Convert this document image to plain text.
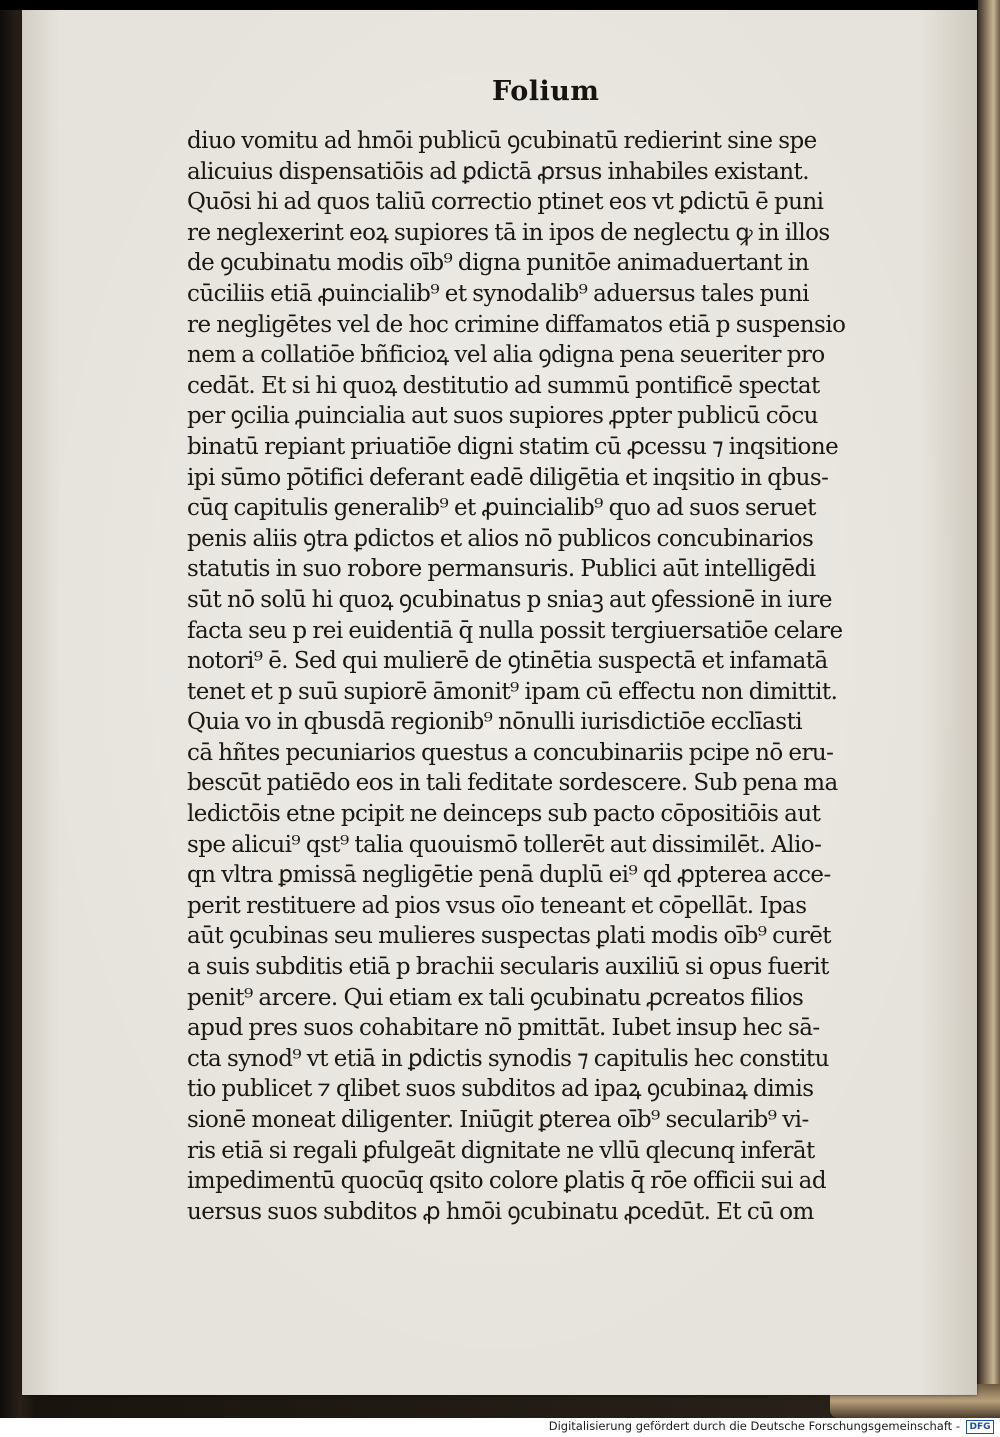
Folium
diuo vomitu ad hmōi publicū ꝯcubinatū redierint sine spe
alicuius dispensatiōis ad ꝑdictā ꝓrsus inhabiles existant.
Quōsi hi ad quos taliū correctio ptinet eos vt ꝑdictū ē puni
re neglexerint eoꝝ supiores tā in ipos de neglectu ꝙ in illos
de ꝯcubinatu modis oīb⁹ digna punitōe animaduertant in
cūciliis etiā ꝓuincialib⁹ et synodalib⁹ aduersus tales puni
re negligētes vel de hoc crimine diffamatos etiā p suspensio
nem a collatiōe bñficioꝝ vel alia ꝯdigna pena seueriter pro
cedāt. Et si hi quoꝝ destitutio ad summū pontificē spectat
per ꝯcilia ꝓuincialia aut suos supiores ꝓpter publicū cōcu
binatū repiant priuatiōe digni statim cū ꝓcessu ⁊ inqsitione
ipi sūmo pōtifici deferant eadē diligētia et inqsitio in qbus‑
cūq capitulis generalib⁹ et ꝓuincialib⁹ quo ad suos seruet
penis aliis ꝯtra ꝑdictos et alios nō publicos concubinarios
statutis in suo robore permansuris. Publici aūt intelligēdi
sūt nō solū hi quoꝝ ꝯcubinatus p sniaꝫ aut ꝯfessionē in iure
facta seu p rei euidentiā q̄ nulla possit tergiuersatiōe celare
notori⁹ ē. Sed qui mulierē de ꝯtinētia suspectā et infamatā
tenet et p suū supiorē āmonit⁹ ipam cū effectu non dimittit.
Quia vo in qbusdā regionib⁹ nōnulli iurisdictiōe ecclīasti
cā hñtes pecuniarios questus a concubinariis pcipe nō eru‑
bescūt patiēdo eos in tali feditate sordescere. Sub pena ma
ledictōis etne pcipit ne deinceps sub pacto cōpositiōis aut
spe alicui⁹ qst⁹ talia quouismō tollerēt aut dissimilēt. Alio‑
qn vltra ꝑmissā negligētie penā duplū ei⁹ qd ꝓpterea acce‑
perit restituere ad pios vsus oīo teneant et cōpellāt. Ipas
aūt ꝯcubinas seu mulieres suspectas ꝑlati modis oīb⁹ curēt
a suis subditis etiā p brachii secularis auxiliū si opus fuerit
penit⁹ arcere. Qui etiam ex tali ꝯcubinatu ꝓcreatos filios
apud pres suos cohabitare nō pmittāt. Iubet insup hec sā‑
cta synod⁹ vt etiā in ꝑdictis synodis ⁊ capitulis hec constitu
tio publicet ⁊ qlibet suos subditos ad ipaꝝ ꝯcubinaꝝ dimis
sionē moneat diligenter. Iniūgit ꝑterea oīb⁹ secularib⁹ vi‑
ris etiā si regali ꝑfulgeāt dignitate ne vllū qlecunq inferāt
impedimentū quocūq qsito colore ꝑlatis q̄ rōe officii sui ad
uersus suos subditos ꝓ hmōi ꝯcubinatu ꝓcedūt. Et cū om
Digitalisierung gefördert durch die Deutsche Forschungsgemeinschaft -	DFG
